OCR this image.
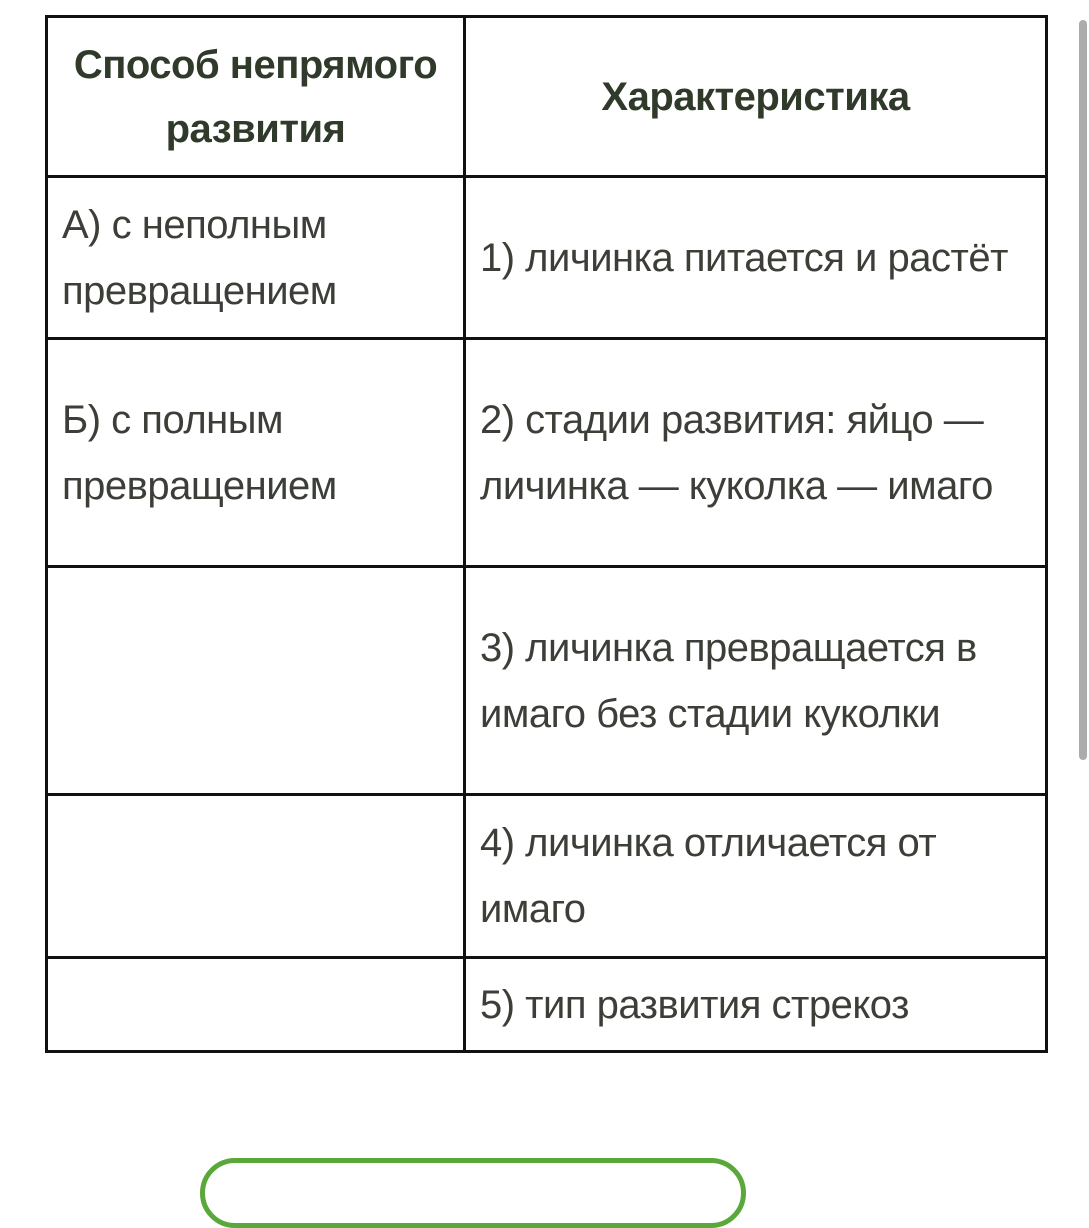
Способ непрямого развития	Характеристика
А) с неполным превращением	1) личинка питается и растёт
Б) с полным превращением	2) стадии развития: яйцо — личинка — куколка — имаго
	3) личинка превращается в имаго без стадии куколки
	4) личинка отличается от имаго
	5) тип развития стрекоз
